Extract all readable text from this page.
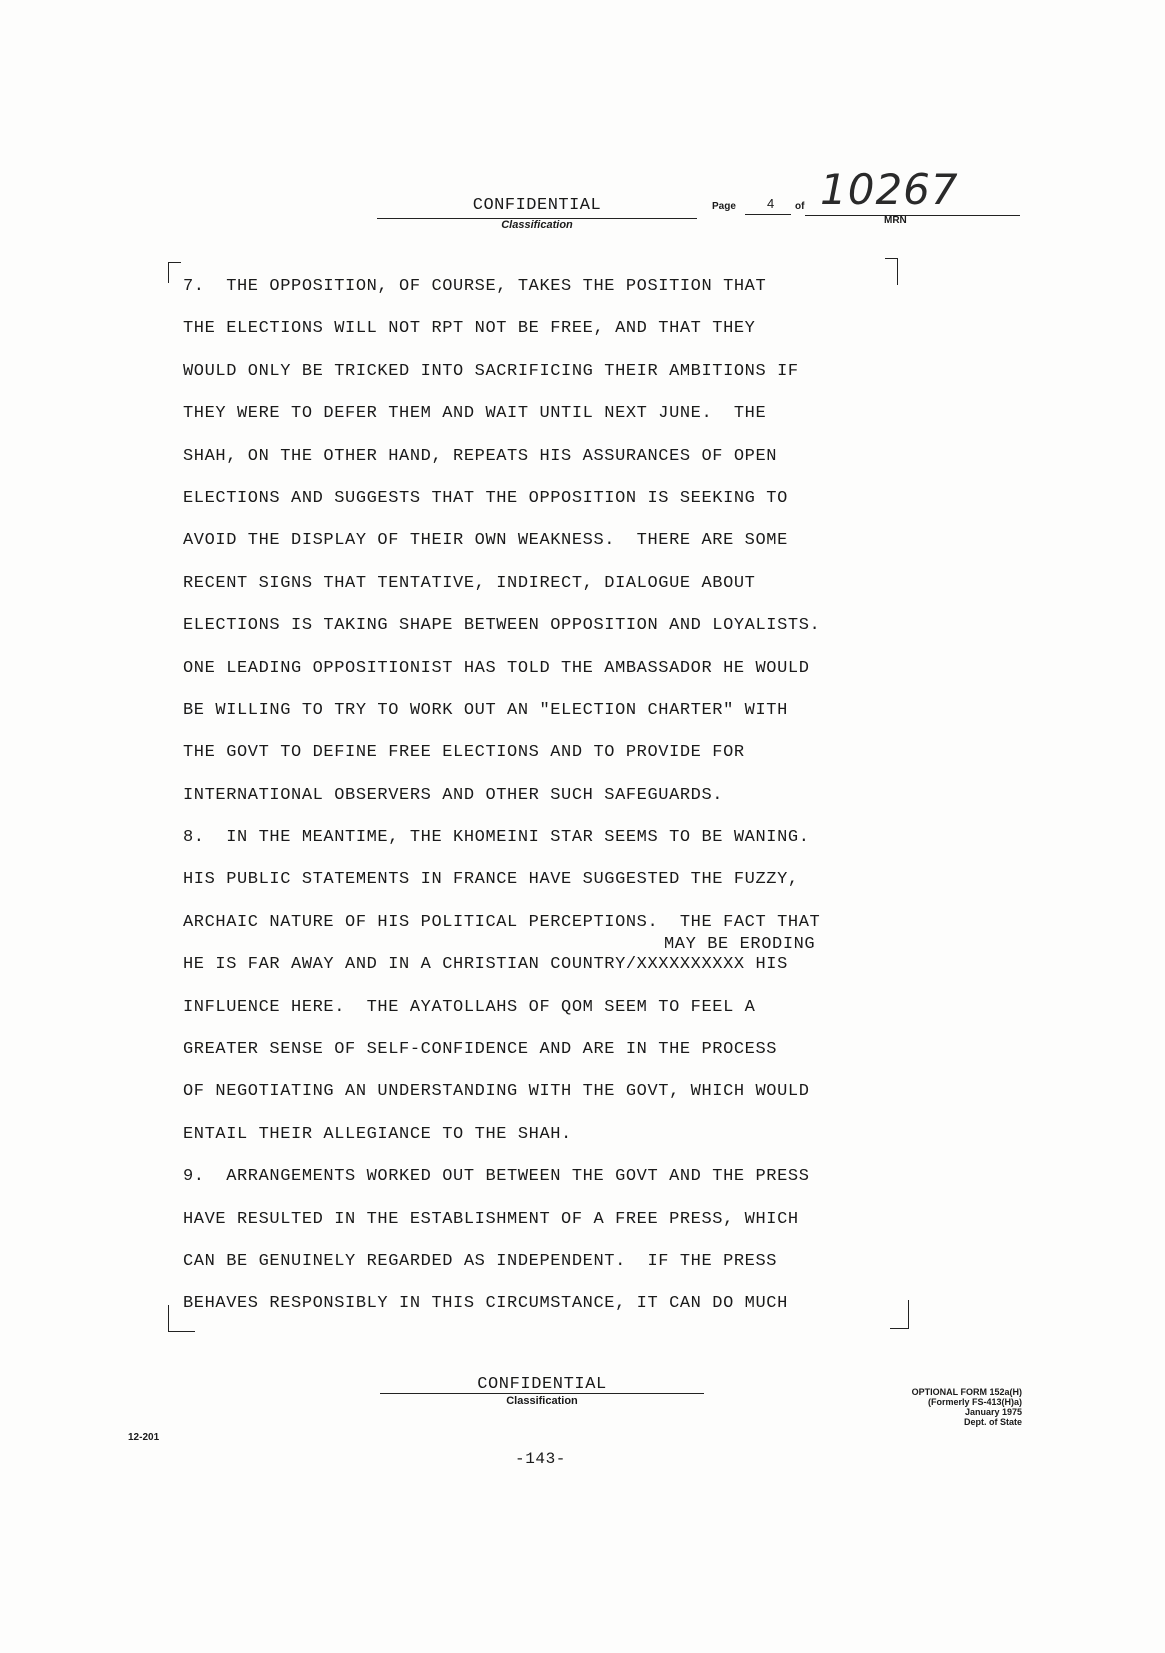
CONFIDENTIAL
Classification
Page 4 of 10267
MRN
7.  THE OPPOSITION, OF COURSE, TAKES THE POSITION THAT
THE ELECTIONS WILL NOT RPT NOT BE FREE, AND THAT THEY
WOULD ONLY BE TRICKED INTO SACRIFICING THEIR AMBITIONS IF
THEY WERE TO DEFER THEM AND WAIT UNTIL NEXT JUNE.  THE
SHAH, ON THE OTHER HAND, REPEATS HIS ASSURANCES OF OPEN
ELECTIONS AND SUGGESTS THAT THE OPPOSITION IS SEEKING TO
AVOID THE DISPLAY OF THEIR OWN WEAKNESS.  THERE ARE SOME
RECENT SIGNS THAT TENTATIVE, INDIRECT, DIALOGUE ABOUT
ELECTIONS IS TAKING SHAPE BETWEEN OPPOSITION AND LOYALISTS.
ONE LEADING OPPOSITIONIST HAS TOLD THE AMBASSADOR HE WOULD
BE WILLING TO TRY TO WORK OUT AN "ELECTION CHARTER" WITH
THE GOVT TO DEFINE FREE ELECTIONS AND TO PROVIDE FOR
INTERNATIONAL OBSERVERS AND OTHER SUCH SAFEGUARDS.
8.  IN THE MEANTIME, THE KHOMEINI STAR SEEMS TO BE WANING.
HIS PUBLIC STATEMENTS IN FRANCE HAVE SUGGESTED THE FUZZY,
ARCHAIC NATURE OF HIS POLITICAL PERCEPTIONS.  THE FACT THAT
HE IS FAR AWAY AND IN A CHRISTIAN COUNTRY/XXXXXXXXXX HIS
INFLUENCE HERE.  THE AYATOLLAHS OF QOM SEEM TO FEEL A
GREATER SENSE OF SELF-CONFIDENCE AND ARE IN THE PROCESS
OF NEGOTIATING AN UNDERSTANDING WITH THE GOVT, WHICH WOULD
ENTAIL THEIR ALLEGIANCE TO THE SHAH.
9.  ARRANGEMENTS WORKED OUT BETWEEN THE GOVT AND THE PRESS
HAVE RESULTED IN THE ESTABLISHMENT OF A FREE PRESS, WHICH
CAN BE GENUINELY REGARDED AS INDEPENDENT.  IF THE PRESS
BEHAVES RESPONSIBLY IN THIS CIRCUMSTANCE, IT CAN DO MUCH
MAY BE ERODING
CONFIDENTIAL
Classification
OPTIONAL FORM 152a(H)
(Formerly FS-413(H)a)
January 1975
Dept. of State
12-201
-143-
